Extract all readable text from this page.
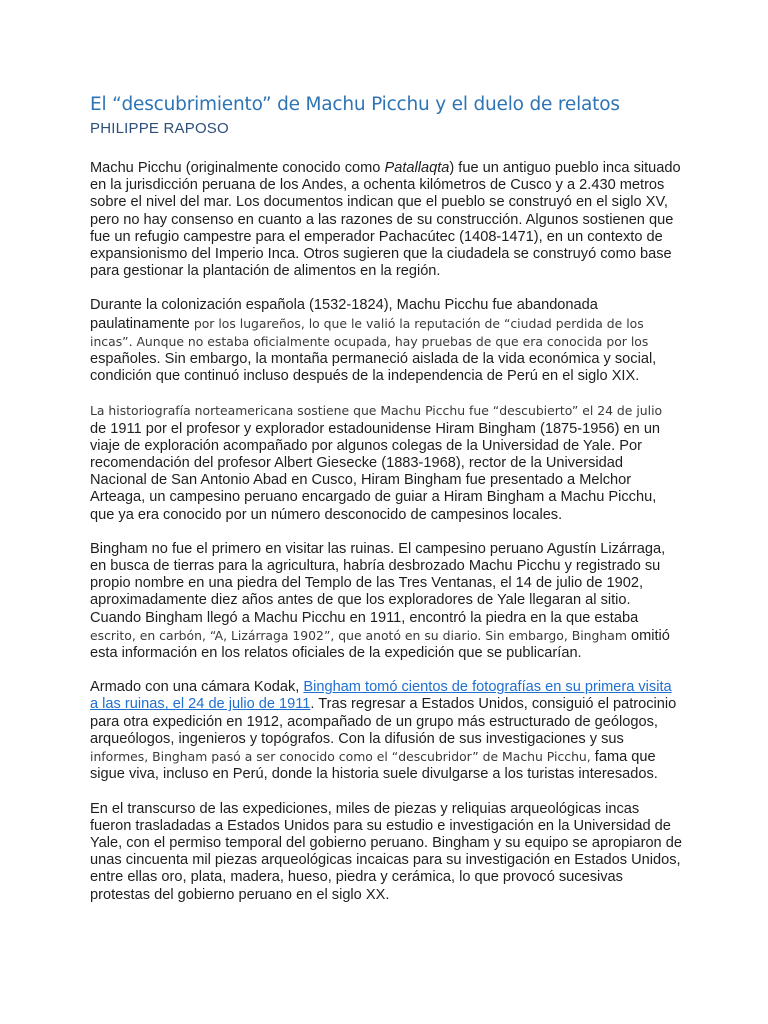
El “descubrimiento” de Machu Picchu y el duelo de relatos
PHILIPPE RAPOSO

Machu Picchu (originalmente conocido como Patallaqta) fue un antiguo pueblo inca situado en la jurisdicción peruana de los Andes, a ochenta kilómetros de Cusco y a 2.430 metros sobre el nivel del mar. Los documentos indican que el pueblo se construyó en el siglo XV, pero no hay consenso en cuanto a las razones de su construcción. Algunos sostienen que fue un refugio campestre para el emperador Pachacútec (1408-1471), en un contexto de expansionismo del Imperio Inca. Otros sugieren que la ciudadela se construyó como base para gestionar la plantación de alimentos en la región.

Durante la colonización española (1532-1824), Machu Picchu fue abandonada paulatinamente por los lugareños, lo que le valió la reputación de “ciudad perdida de los incas”. Aunque no estaba oficialmente ocupada, hay pruebas de que era conocida por los españoles. Sin embargo, la montaña permaneció aislada de la vida económica y social, condición que continuó incluso después de la independencia de Perú en el siglo XIX.

La historiografía norteamericana sostiene que Machu Picchu fue “descubierto” el 24 de julio de 1911 por el profesor y explorador estadounidense Hiram Bingham (1875-1956) en un viaje de exploración acompañado por algunos colegas de la Universidad de Yale. Por recomendación del profesor Albert Giesecke (1883-1968), rector de la Universidad Nacional de San Antonio Abad en Cusco, Hiram Bingham fue presentado a Melchor Arteaga, un campesino peruano encargado de guiar a Hiram Bingham a Machu Picchu, que ya era conocido por un número desconocido de campesinos locales.

Bingham no fue el primero en visitar las ruinas. El campesino peruano Agustín Lizárraga, en busca de tierras para la agricultura, habría desbrozado Machu Picchu y registrado su propio nombre en una piedra del Templo de las Tres Ventanas, el 14 de julio de 1902, aproximadamente diez años antes de que los exploradores de Yale llegaran al sitio. Cuando Bingham llegó a Machu Picchu en 1911, encontró la piedra en la que estaba escrito, en carbón, “A, Lizárraga 1902”, que anotó en su diario. Sin embargo, Bingham omitió esta información en los relatos oficiales de la expedición que se publicarían.

Armado con una cámara Kodak, Bingham tomó cientos de fotografías en su primera visita a las ruinas, el 24 de julio de 1911. Tras regresar a Estados Unidos, consiguió el patrocinio para otra expedición en 1912, acompañado de un grupo más estructurado de geólogos, arqueólogos, ingenieros y topógrafos. Con la difusión de sus investigaciones y sus informes, Bingham pasó a ser conocido como el “descubridor” de Machu Picchu, fama que sigue viva, incluso en Perú, donde la historia suele divulgarse a los turistas interesados.

En el transcurso de las expediciones, miles de piezas y reliquias arqueológicas incas fueron trasladadas a Estados Unidos para su estudio e investigación en la Universidad de Yale, con el permiso temporal del gobierno peruano. Bingham y su equipo se apropiaron de unas cincuenta mil piezas arqueológicas incaicas para su investigación en Estados Unidos, entre ellas oro, plata, madera, hueso, piedra y cerámica, lo que provocó sucesivas protestas del gobierno peruano en el siglo XX.
